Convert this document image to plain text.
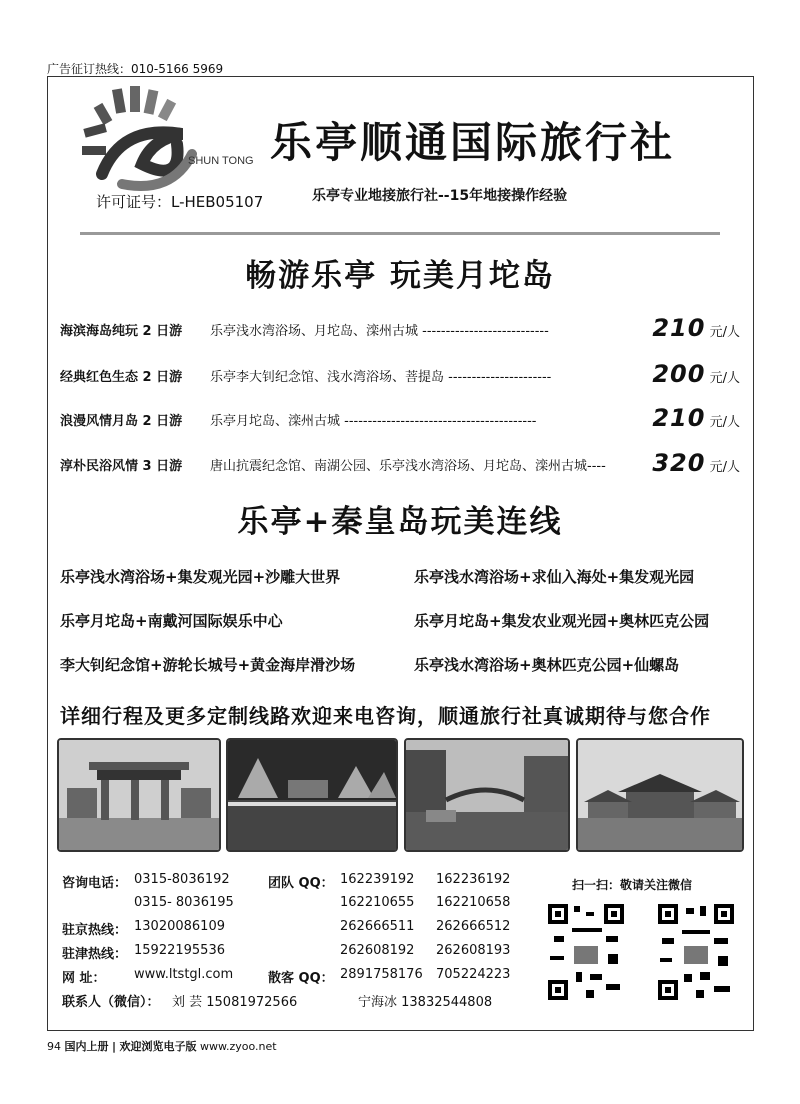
广告征订热线：010-5166 5969
SHUN TONG
许可证号：L-HEB05107
乐亭顺通国际旅行社
乐亭专业地接旅行社--15年地接操作经验
畅游乐亭 玩美月坨岛
海滨海岛纯玩 2 日游 乐亭浅水湾浴场、月坨岛、滦州古城 ---------------------------	210 元/人
经典红色生态 2 日游 乐亭李大钊纪念馆、浅水湾浴场、菩提岛 ----------------------	200 元/人
浪漫风情月岛 2 日游 乐亭月坨岛、滦州古城 -----------------------------------------	210 元/人
淳朴民浴风情 3 日游 唐山抗震纪念馆、南湖公园、乐亭浅水湾浴场、月坨岛、滦州古城---- 320 元/人
乐亭+秦皇岛玩美连线
乐亭浅水湾浴场+集发观光园+沙雕大世界	乐亭浅水湾浴场+求仙入海处+集发观光园
乐亭月坨岛+南戴河国际娱乐中心	乐亭月坨岛+集发农业观光园+奥林匹克公园
李大钊纪念馆+游轮长城号+黄金海岸滑沙场	乐亭浅水湾浴场+奥林匹克公园+仙螺岛
详细行程及更多定制线路欢迎来电咨询，顺通旅行社真诚期待与您合作
咨询电话： 0315-8036192
0315- 8036195
驻京热线： 13020086109
驻津热线： 15922195536
网 址： www.ltstgl.com
联系人（微信）： 刘 芸 15081972566	宁海冰 13832544808
团队 QQ： 162239192 162236192
162210655 162210658
262666511 262666512
262608192 262608193
散客 QQ： 2891758176 705224223
扫一扫：敬请关注微信
94 国内上册 | 欢迎浏览电子版 www.zyoo.net
